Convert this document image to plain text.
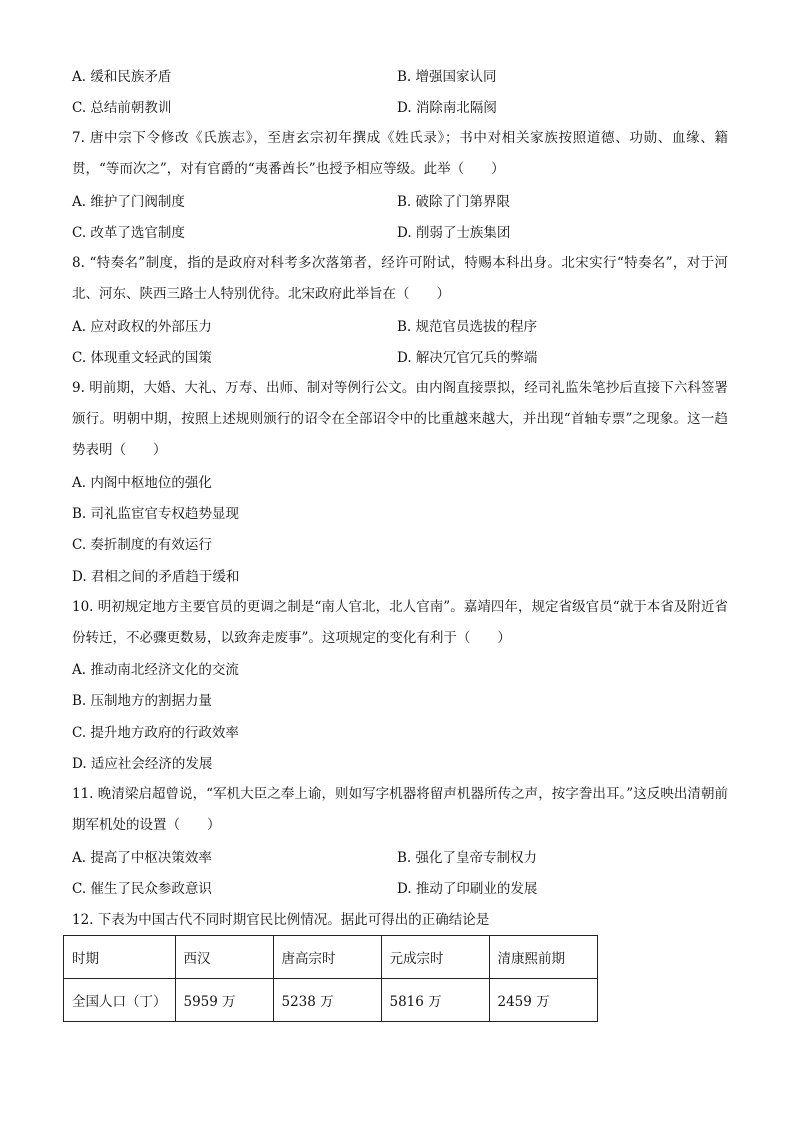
A. 缓和民族矛盾	B. 增强国家认同
C. 总结前朝教训	D. 消除南北隔阂
7. 唐中宗下令修改《氏族志》，至唐玄宗初年撰成《姓氏录》；书中对相关家族按照道德、功勋、血缘、籍贯，“等而次之”，对有官爵的“夷番酋长”也授予相应等级。此举（　　）
A. 维护了门阀制度	B. 破除了门第界限
C. 改革了选官制度	D. 削弱了士族集团
8. “特奏名”制度，指的是政府对科考多次落第者，经许可附试，特赐本科出身。北宋实行“特奏名”，对于河北、河东、陕西三路士人特别优待。北宋政府此举旨在（　　）
A. 应对政权的外部压力	B. 规范官员选拔的程序
C. 体现重文轻武的国策	D. 解决冗官冗兵的弊端
9. 明前期，大婚、大礼、万寿、出师、制对等例行公文。由内阁直接票拟，经司礼监朱笔抄后直接下六科签署颁行。明朝中期，按照上述规则颁行的诏令在全部诏令中的比重越来越大，并出现“首轴专票”之现象。这一趋势表明（　　）
A. 内阁中枢地位的强化
B. 司礼监宦官专权趋势显现
C. 奏折制度的有效运行
D. 君相之间的矛盾趋于缓和
10. 明初规定地方主要官员的更调之制是“南人官北，北人官南”。嘉靖四年，规定省级官员“就于本省及附近省份转迁，不必骤更数易，以致奔走废事”。这项规定的变化有利于（　　）
A. 推动南北经济文化的交流
B. 压制地方的割据力量
C. 提升地方政府的行政效率
D. 适应社会经济的发展
11. 晚清梁启超曾说，“军机大臣之奉上谕，则如写字机器将留声机器所传之声，按字誊出耳。”这反映出清朝前期军机处的设置（　　）
A. 提高了中枢决策效率	B. 强化了皇帝专制权力
C. 催生了民众参政意识	D. 推动了印刷业的发展
12. 下表为中国古代不同时期官民比例情况。据此可得出的正确结论是
时期	西汉	唐高宗时	元成宗时	清康熙前期
全国人口（丁）	5959 万	5238 万	5816 万	2459 万
